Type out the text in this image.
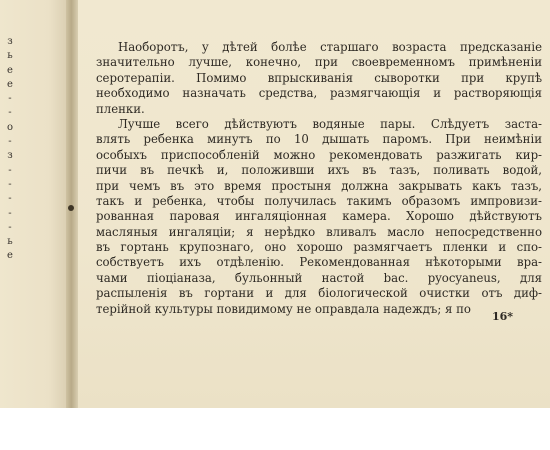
з
ь
е
е
-
-
о
-
з
-
-
-
-
-
ь
е
Наоборотъ, у дѣтей болѣе старшаго возраста предсказаніе
значительно лучше, конечно, при своевременномъ примѣненіи
серотерапіи. Помимо впрыскиванія сыворотки при крупѣ
необходимо назначать средства, размягчающія и растворяющія
пленки.
Лучше всего дѣйствуютъ водяные пары. Слѣдуетъ заста-
влять ребенка минутъ по 10 дышать паромъ. При неимѣніи
особыхъ приспособленій можно рекомендовать разжигать кир-
пичи въ печкѣ и, положивши ихъ въ тазъ, поливать водой,
при чемъ въ это время простыня должна закрывать какъ тазъ,
такъ и ребенка, чтобы получилась такимъ образомъ импровизи-
рованная паровая ингаляціонная камера. Хорошо дѣйствуютъ
масляныя ингаляціи; я нерѣдко вливалъ масло непосредственно
въ гортань крупознаго, оно хорошо размягчаетъ пленки и спо-
собствуетъ ихъ отдѣленію. Рекомендованная нѣкоторыми вра-
чами пiоцiаназа, бульонный настой bac. pyocyaneus, для
распыленія въ гортани и для біологической очистки отъ диф-
терійной культуры повидимому не оправдала надеждъ; я по
16*
